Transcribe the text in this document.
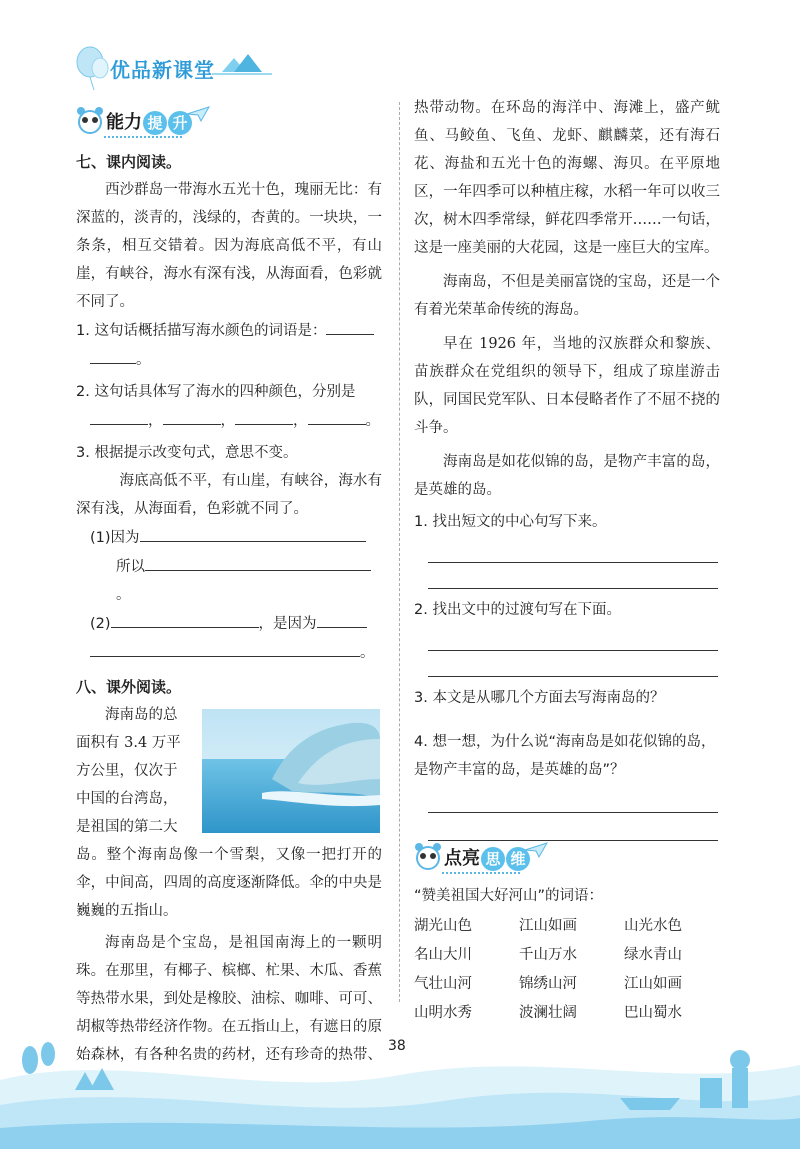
优品新课堂
能力 提 升
七、课内阅读。

西沙群岛一带海水五光十色，瑰丽无比：有深蓝的，淡青的，浅绿的，杏黄的。一块块，一条条，相互交错着。因为海底高低不平，有山崖，有峡谷，海水有深有浅，从海面看，色彩就不同了。

1. 这句话概括描写海水颜色的词语是：
。
2. 这句话具体写了海水的四种颜色，分别是
，	，	，	。
3. 根据提示改变句式，意思不变。

海底高低不平，有山崖，有峡谷，海水有深有浅，从海面看，色彩就不同了。

(1)因为
所以。
(2)	，是因为
。
八、课外阅读。
海南岛的总
面积有 3.4 万平
方公里，仅次于
中国的台湾岛，
是祖国的第二大

岛。整个海南岛像一个雪梨，又像一把打开的伞，中间高，四周的高度逐渐降低。伞的中央是巍巍的五指山。

海南岛是个宝岛，是祖国南海上的一颗明珠。在那里，有椰子、槟榔、杧果、木瓜、香蕉等热带水果，到处是橡胶、油棕、咖啡、可可、胡椒等热带经济作物。在五指山上，有遮日的原始森林，有各种名贵的药材，还有珍奇的热带、

热带动物。在环岛的海洋中、海滩上，盛产鱿鱼、马鲛鱼、飞鱼、龙虾、麒麟菜，还有海石花、海盐和五光十色的海螺、海贝。在平原地区，一年四季可以种植庄稼，水稻一年可以收三次，树木四季常绿，鲜花四季常开……一句话，这是一座美丽的大花园，这是一座巨大的宝库。

海南岛，不但是美丽富饶的宝岛，还是一个有着光荣革命传统的海岛。

早在 1926 年，当地的汉族群众和黎族、苗族群众在党组织的领导下，组成了琼崖游击队，同国民党军队、日本侵略者作了不屈不挠的斗争。

海南岛是如花似锦的岛，是物产丰富的岛，是英雄的岛。

1. 找出短文的中心句写下来。
2. 找出文中的过渡句写在下面。
3. 本文是从哪几个方面去写海南岛的？
4. 想一想，为什么说“海南岛是如花似锦的岛，是物产丰富的岛，是英雄的岛”？
点亮 思 维
“赞美祖国大好河山”的词语：
湖光山色	江山如画	山光水色
名山大川	千山万水	绿水青山
气壮山河	锦绣山河	江山如画
山明水秀	波澜壮阔	巴山蜀水
38
